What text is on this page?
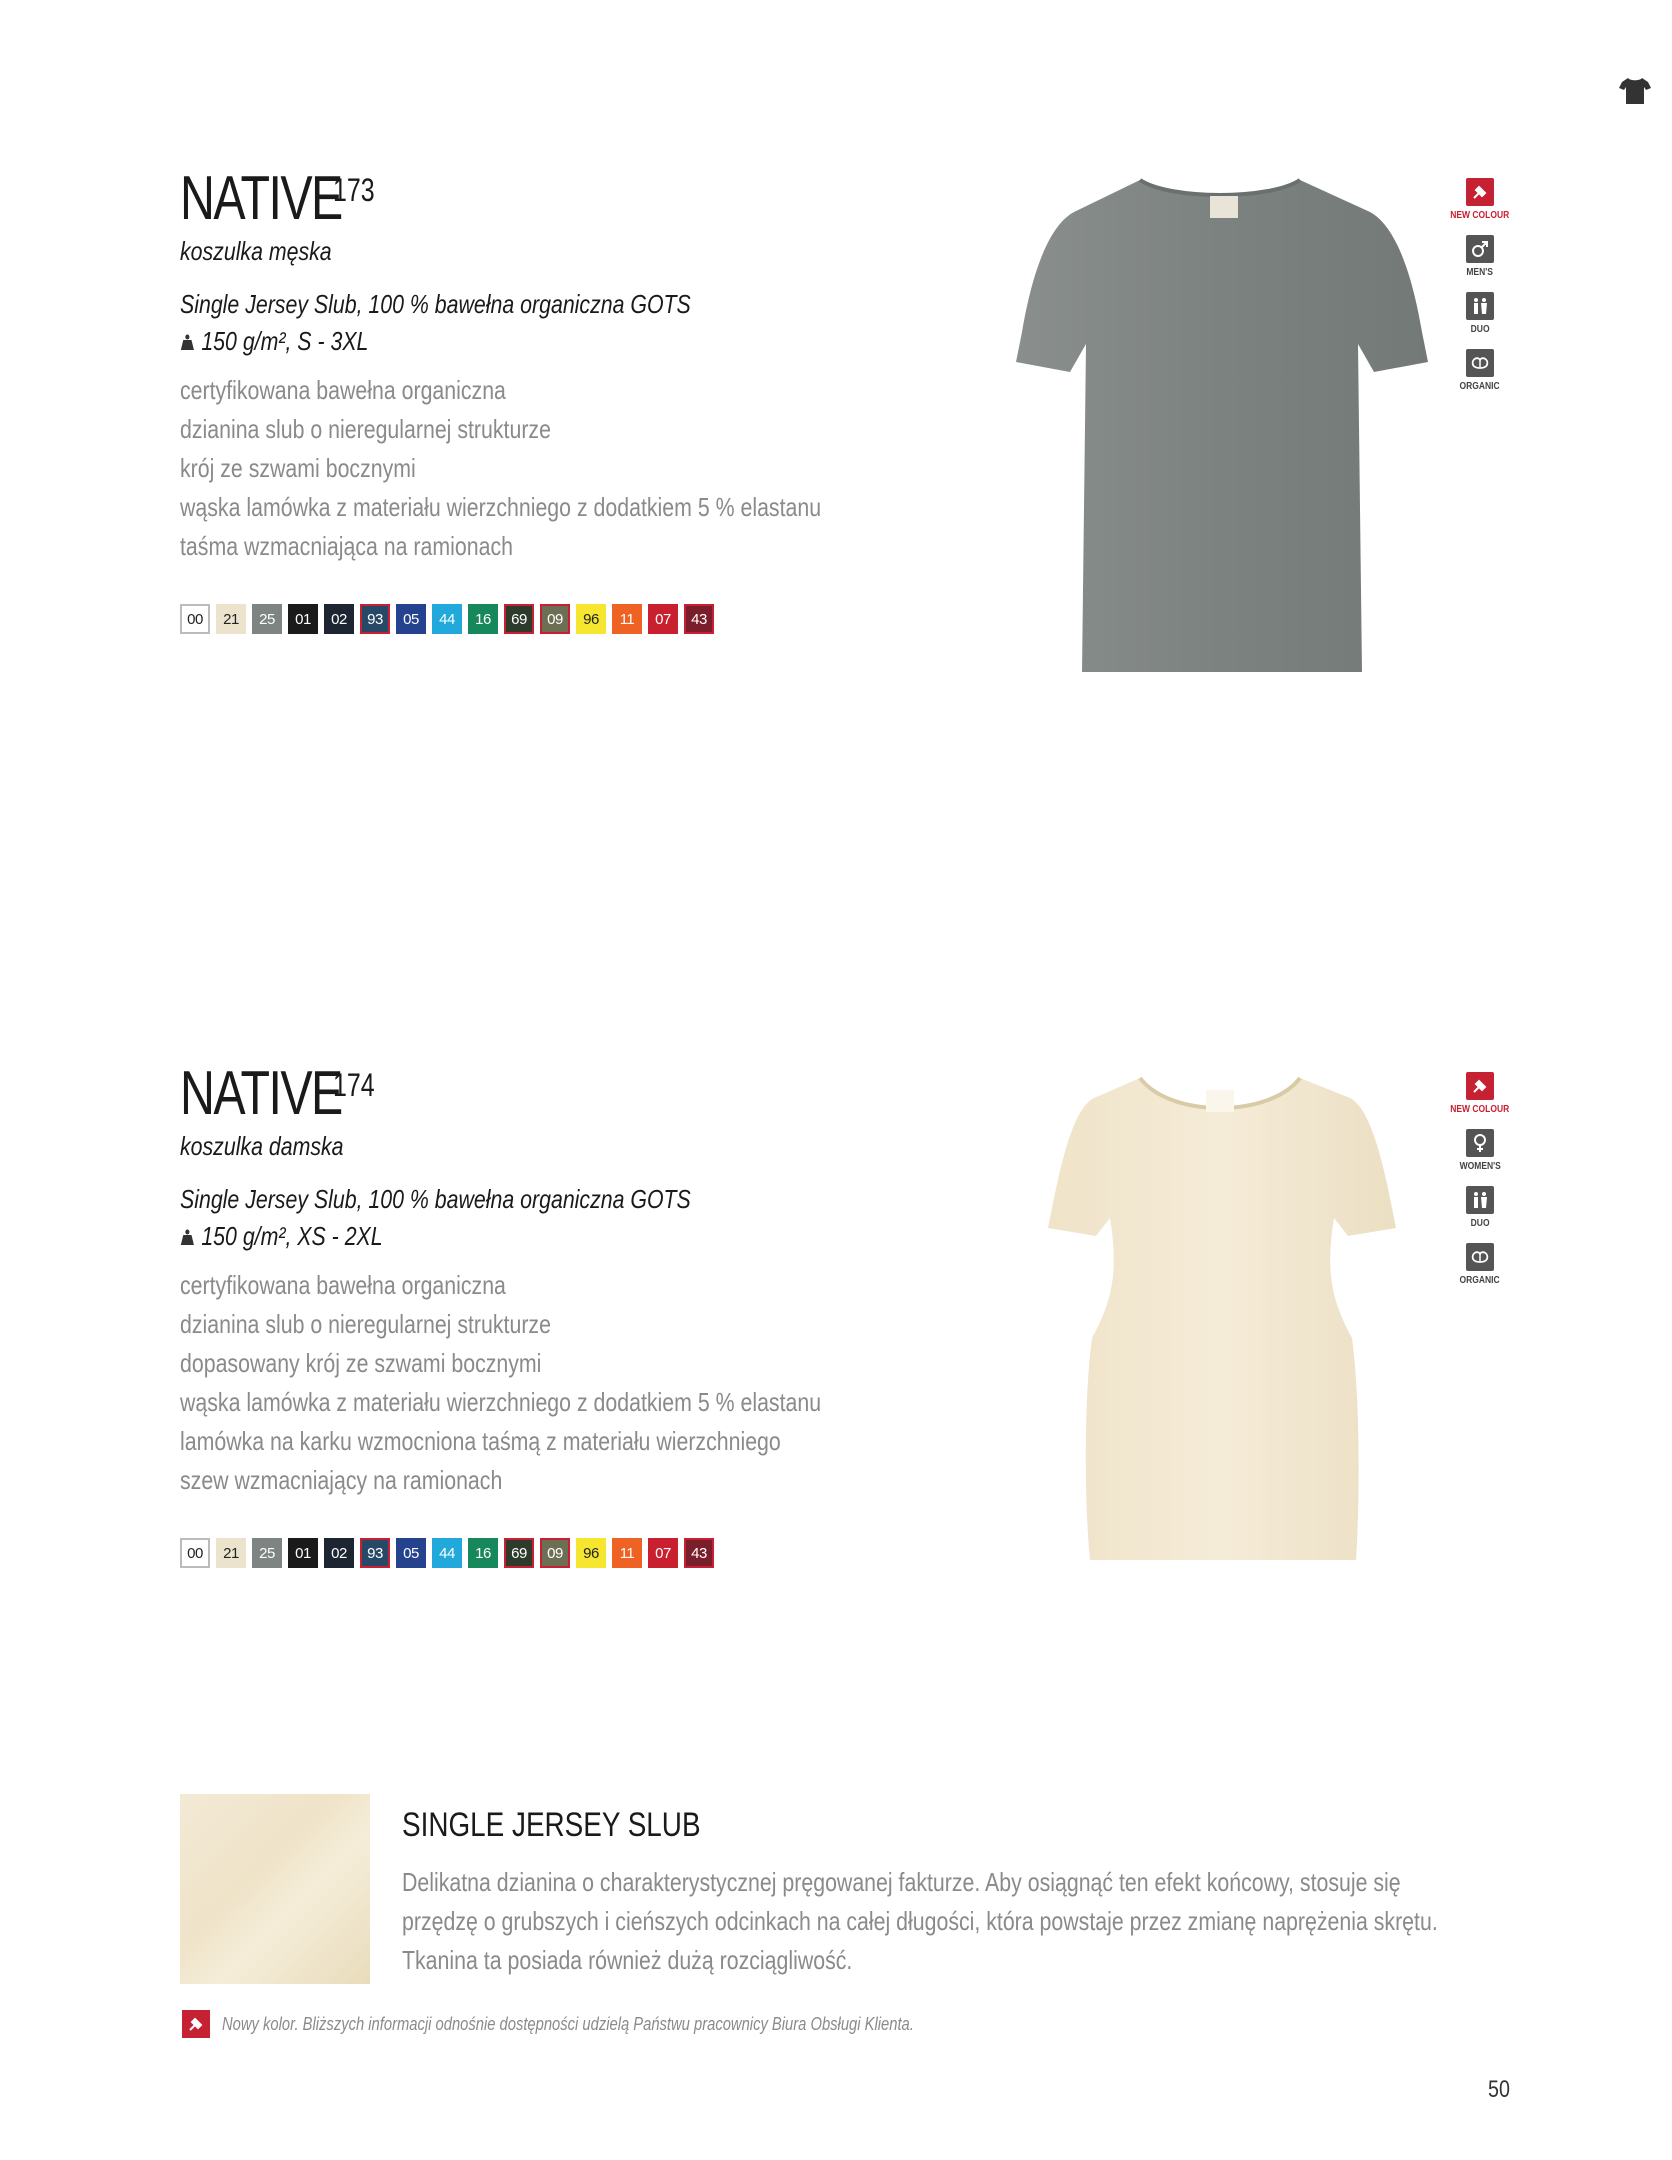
NATIVE
173
koszulka męska
Single Jersey Slub, 100 % bawełna organiczna GOTS
150 g/m², S - 3XL
certyfikowana bawełna organiczna
dzianina slub o nieregularnej strukturze
krój ze szwami bocznymi
wąska lamówka z materiału wierzchniego z dodatkiem 5 % elastanu
taśma wzmacniająca na ramionach
00	21	25	01	02	93	05	44	16	69	09	96	11	07	43
NEW COLOUR
MEN'S
DUO
ORGANIC
NATIVE
174
koszulka damska
Single Jersey Slub, 100 % bawełna organiczna GOTS
150 g/m², XS - 2XL
certyfikowana bawełna organiczna
dzianina slub o nieregularnej strukturze
dopasowany krój ze szwami bocznymi
wąska lamówka z materiału wierzchniego z dodatkiem 5 % elastanu
lamówka na karku wzmocniona taśmą z materiału wierzchniego
szew wzmacniający na ramionach
00	21	25	01	02	93	05	44	16	69	09	96	11	07	43
NEW COLOUR
WOMEN'S
DUO
ORGANIC
SINGLE JERSEY SLUB
Delikatna dzianina o charakterystycznej pręgowanej fakturze. Aby osiągnąć ten efekt końcowy, stosuje się przędzę o grubszych i cieńszych odcinkach na całej długości, która powstaje przez zmianę naprężenia skrętu. Tkanina ta posiada również dużą rozciągliwość.
Nowy kolor. Bliższych informacji odnośnie dostępności udzielą Państwu pracownicy Biura Obsługi Klienta.
50
